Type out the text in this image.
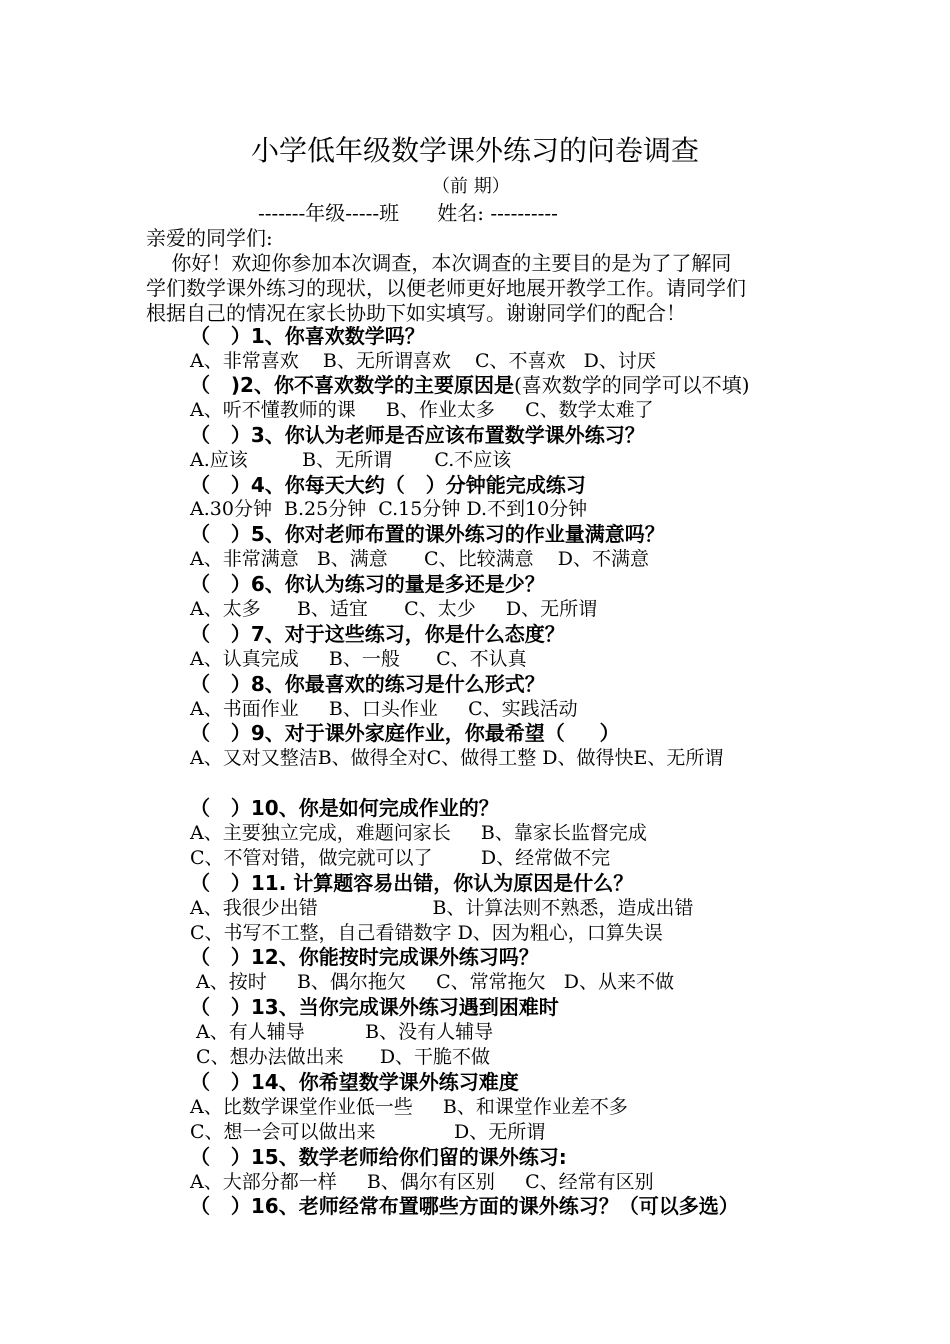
小学低年级数学课外练习的问卷调查
（前 期）
-------年级-----班      姓名: ----------
亲爱的同学们:
你好！欢迎你参加本次调查，本次调查的主要目的是为了了解同
学们数学课外练习的现状，以便老师更好地展开教学工作。请同学们
根据自己的情况在家长协助下如实填写。谢谢同学们的配合！
（   ）1、你喜欢数学吗？
A、非常喜欢    B、无所谓喜欢    C、不喜欢   D、讨厌
（   )2、你不喜欢数学的主要原因是(喜欢数学的同学可以不填)
A、听不懂教师的课     B、作业太多     C、数学太难了
（   ）3、你认为老师是否应该布置数学课外练习？
A.应该         B、无所谓       C.不应该
（   ）4、你每天大约（   ）分钟能完成练习
A.30分钟  B.25分钟  C.15分钟 D.不到10分钟
（   ）5、你对老师布置的课外练习的作业量满意吗？
A、非常满意   B、满意      C、比较满意    D、不满意
（   ）6、你认为练习的量是多还是少？
A、太多      B、适宜      C、太少     D、无所谓
（   ）7、对于这些练习，你是什么态度？
A、认真完成     B、一般      C、不认真
（   ）8、你最喜欢的练习是什么形式？
A、书面作业     B、口头作业     C、实践活动
（   ）9、对于课外家庭作业，你最希望（     ）
A、又对又整洁B、做得全对C、做得工整 D、做得快E、无所谓
（   ）10、你是如何完成作业的？
A、主要独立完成，难题问家长     B、靠家长监督完成
C、不管对错，做完就可以了        D、经常做不完
（   ）11. 计算题容易出错，你认为原因是什么？
A、我很少出错                   B、计算法则不熟悉，造成出错
C、书写不工整，自己看错数字 D、因为粗心，口算失误
（   ）12、你能按时完成课外练习吗？
A、按时     B、偶尔拖欠     C、常常拖欠   D、从来不做
（   ）13、当你完成课外练习遇到困难时
A、有人辅导          B、没有人辅导
C、想办法做出来      D、干脆不做
（   ）14、你希望数学课外练习难度
A、比数学课堂作业低一些     B、和课堂作业差不多
C、想一会可以做出来             D、无所谓
（   ）15、数学老师给你们留的课外练习:
A、大部分都一样     B、偶尔有区别     C、经常有区别
（   ）16、老师经常布置哪些方面的课外练习？（可以多选）
